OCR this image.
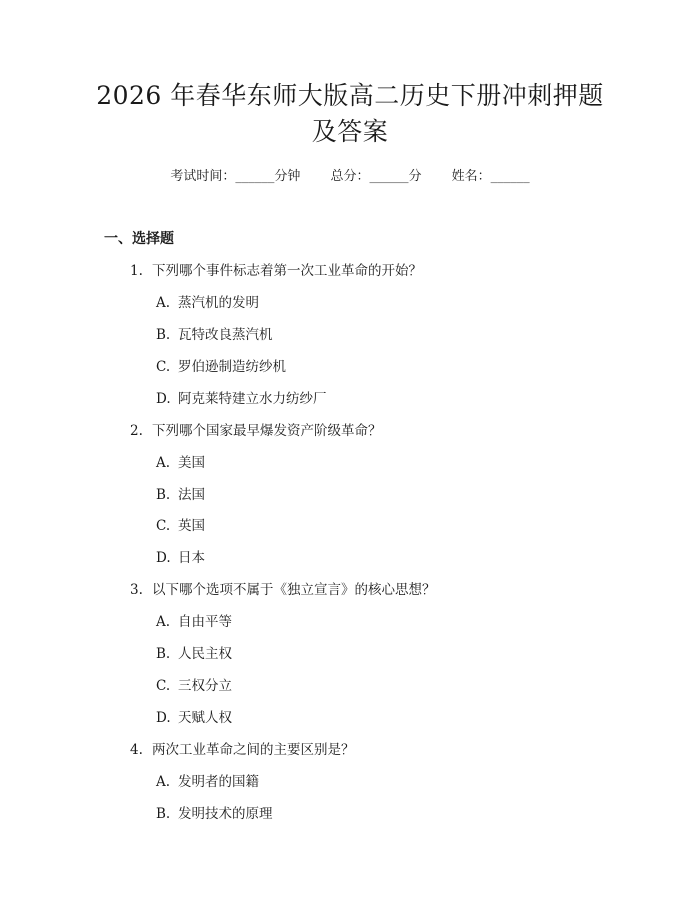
2026 年春华东师大版高二历史下册冲刺押题
及答案
考试时间：______分钟 总分：______分 姓名：______
一、选择题
1. 下列哪个事件标志着第一次工业革命的开始？
A. 蒸汽机的发明
B. 瓦特改良蒸汽机
C. 罗伯逊制造纺纱机
D. 阿克莱特建立水力纺纱厂
2. 下列哪个国家最早爆发资产阶级革命？
A. 美国
B. 法国
C. 英国
D. 日本
3. 以下哪个选项不属于《独立宣言》的核心思想？
A. 自由平等
B. 人民主权
C. 三权分立
D. 天赋人权
4. 两次工业革命之间的主要区别是？
A. 发明者的国籍
B. 发明技术的原理
